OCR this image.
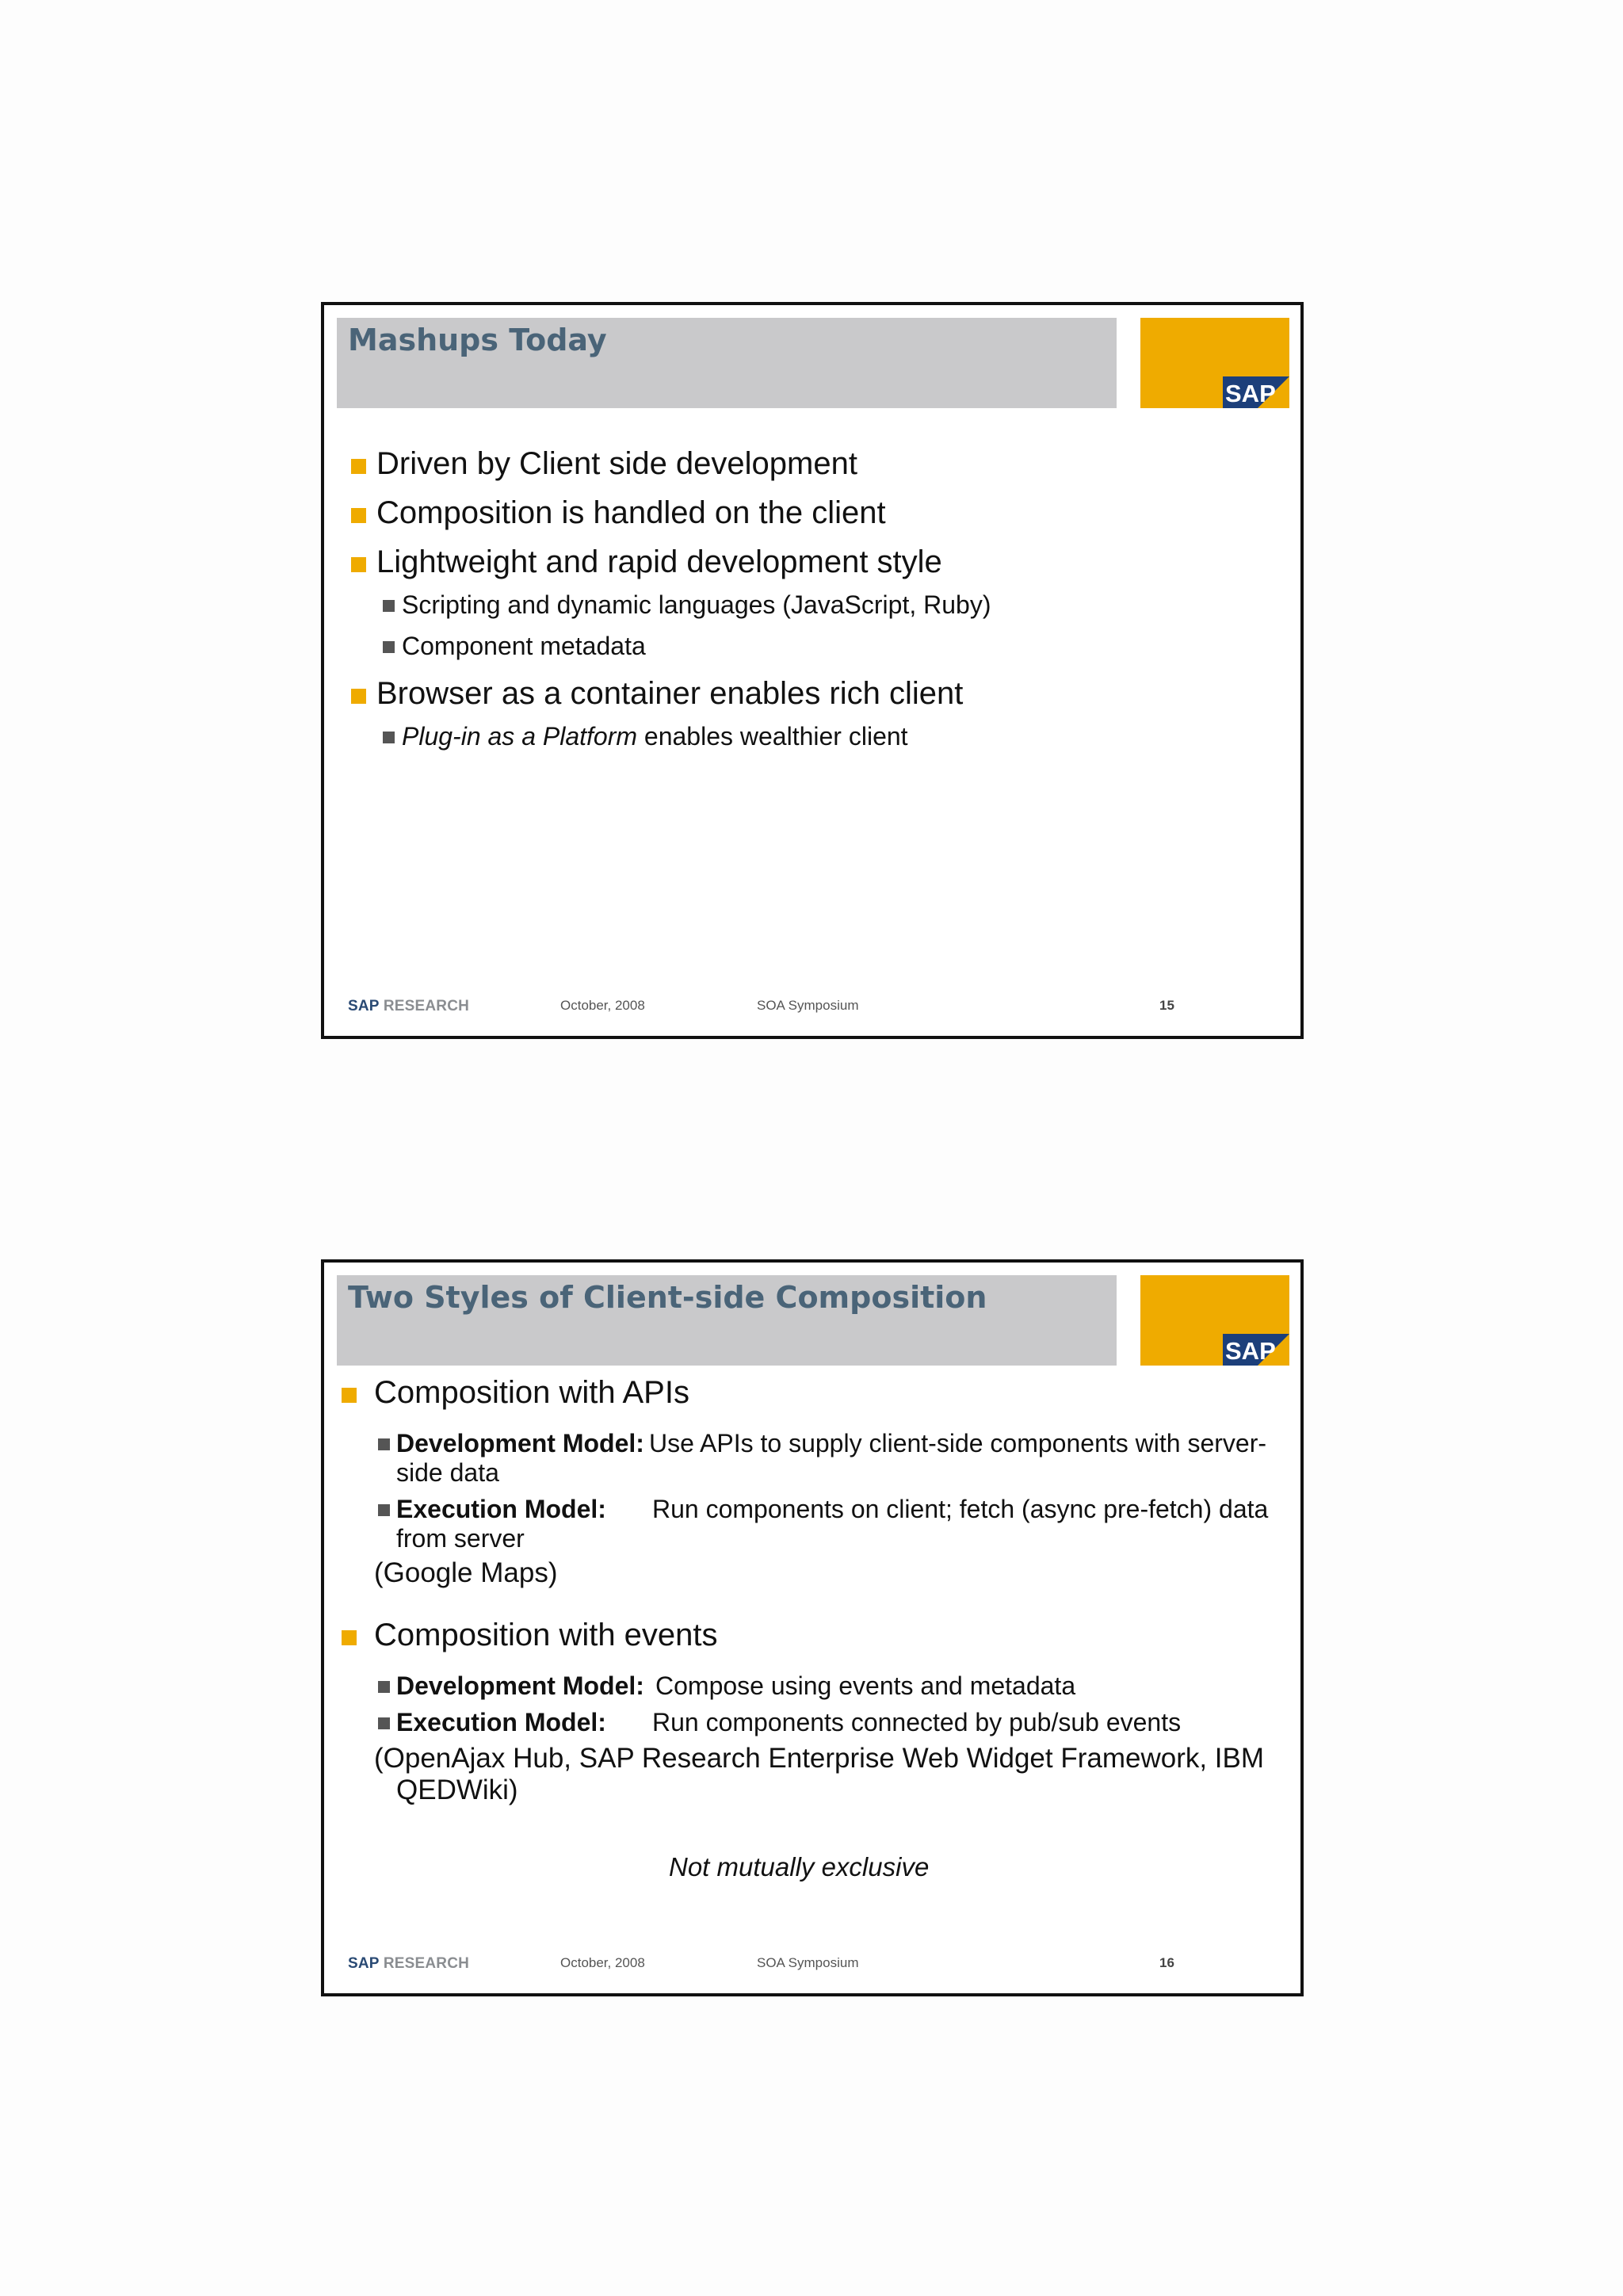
Mashups Today
SAP
Driven by Client side development
Composition is handled on the client
Lightweight and rapid development style
Scripting and dynamic languages (JavaScript, Ruby)
Component metadata
Browser as a container enables rich client
Plug-in as a Platform enables wealthier client
SAP RESEARCH	October, 2008	SOA Symposium	15
Two Styles of Client-side Composition
SAP
Composition with APIs
Development Model: Use APIs to supply client-side components with server-
side data
Execution Model: Run components on client; fetch (async pre-fetch) data
from server
(Google Maps)
Composition with events
Development Model: Compose using events and metadata
Execution Model: Run components connected by pub/sub events
(OpenAjax Hub, SAP Research Enterprise Web Widget Framework, IBM
QEDWiki)
Not mutually exclusive
SAP RESEARCH	October, 2008	SOA Symposium	16
